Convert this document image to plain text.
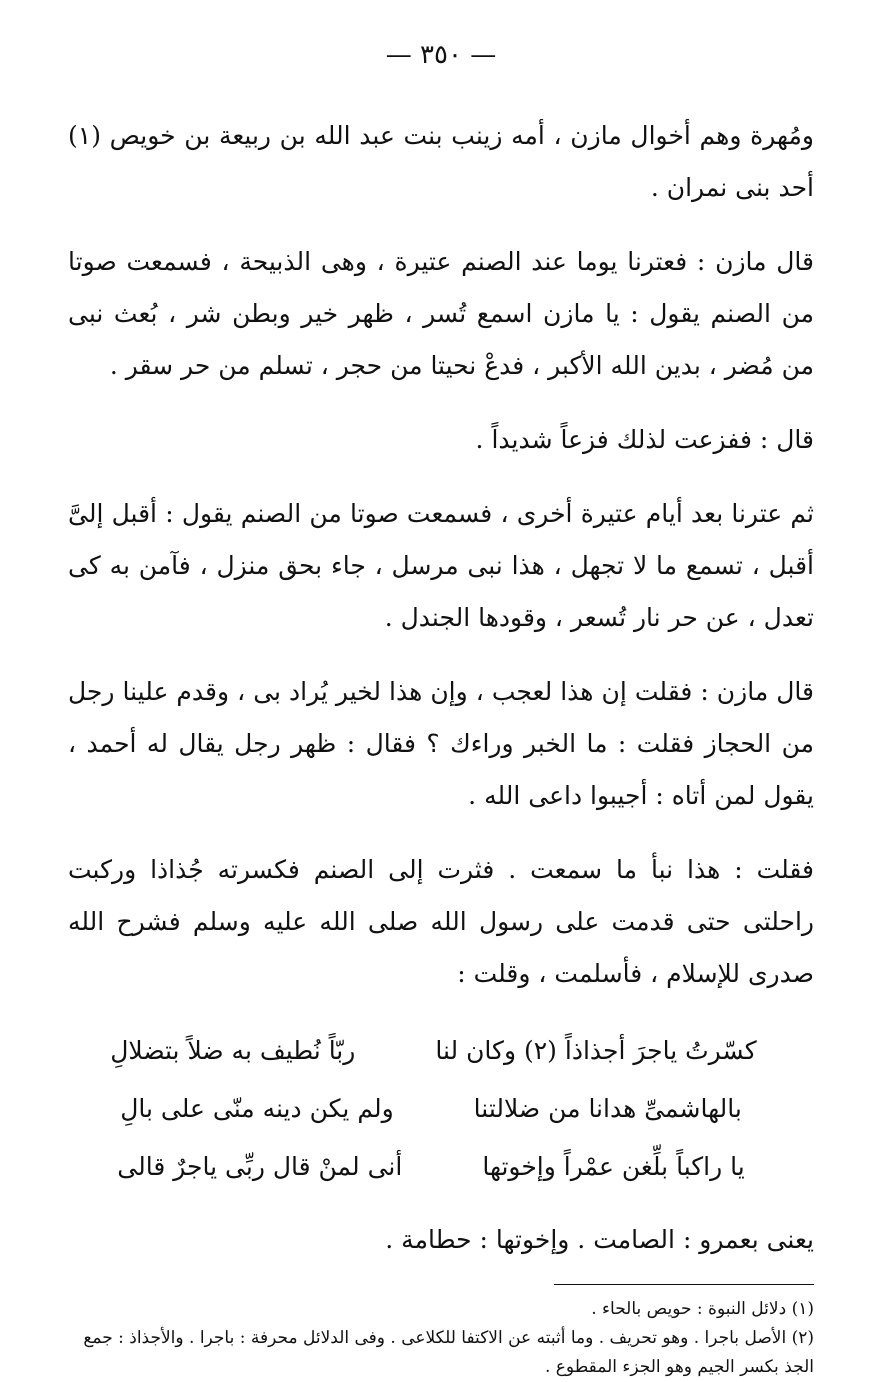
— ٣٥٠ —

ومُهرة وهم أخوال مازن ، أمه زينب بنت عبد الله بن ربيعة بن خويص (١) أحد بنى نمران .

قال مازن : فعترنا يوما عند الصنم عتيرة ، وهى الذبيحة ، فسمعت صوتا من الصنم يقول : يا مازن اسمع تُسر ، ظهر خير وبطن شر ، بُعث نبى من مُضر ، بدين الله الأكبر ، فدعْ نحيتا من حجر ، تسلم من حر سقر .

قال : ففزعت لذلك فزعاً شديداً .

ثم عترنا بعد أيام عتيرة أخرى ، فسمعت صوتا من الصنم يقول : أقبل إلىَّ أقبل ، تسمع ما لا تجهل ، هذا نبى مرسل ، جاء بحق منزل ، فآمن به كى تعدل ، عن حر نار تُسعر ، وقودها الجندل .

قال مازن : فقلت إن هذا لعجب ، وإن هذا لخير يُراد بى ، وقدم علينا رجل من الحجاز فقلت : ما الخبر وراءك ؟ فقال : ظهر رجل يقال له أحمد ، يقول لمن أتاه : أجيبوا داعى الله .

فقلت : هذا نبأ ما سمعت . فثرت إلى الصنم فكسرته جُذاذا وركبت راحلتى حتى قدمت على رسول الله صلى الله عليه وسلم فشرح الله صدرى للإسلام ، فأسلمت ، وقلت :

كسّرتُ ياجرَ أجذاذاً (٢) وكان لنا
ربّاً نُطيف به ضلاً بتضلالِ
بالهاشمىِّ هدانا من ضلالتنا
ولم يكن دينه منّى على بالِ
يا راكباً بلِّغن عمْراً وإخوتها
أنى لمنْ قال ربِّى ياجرٌ قالى
يعنى بعمرو : الصامت . وإخوتها : حطامة .

(١) دلائل النبوة : حويص بالحاء .

(٢) الأصل باجرا . وهو تحريف . وما أثبته عن الاكتفا للكلاعى . وفى الدلائل محرفة : باجرا . والأجذاذ : جمع الجذ بكسر الجيم وهو الجزء المقطوع .
